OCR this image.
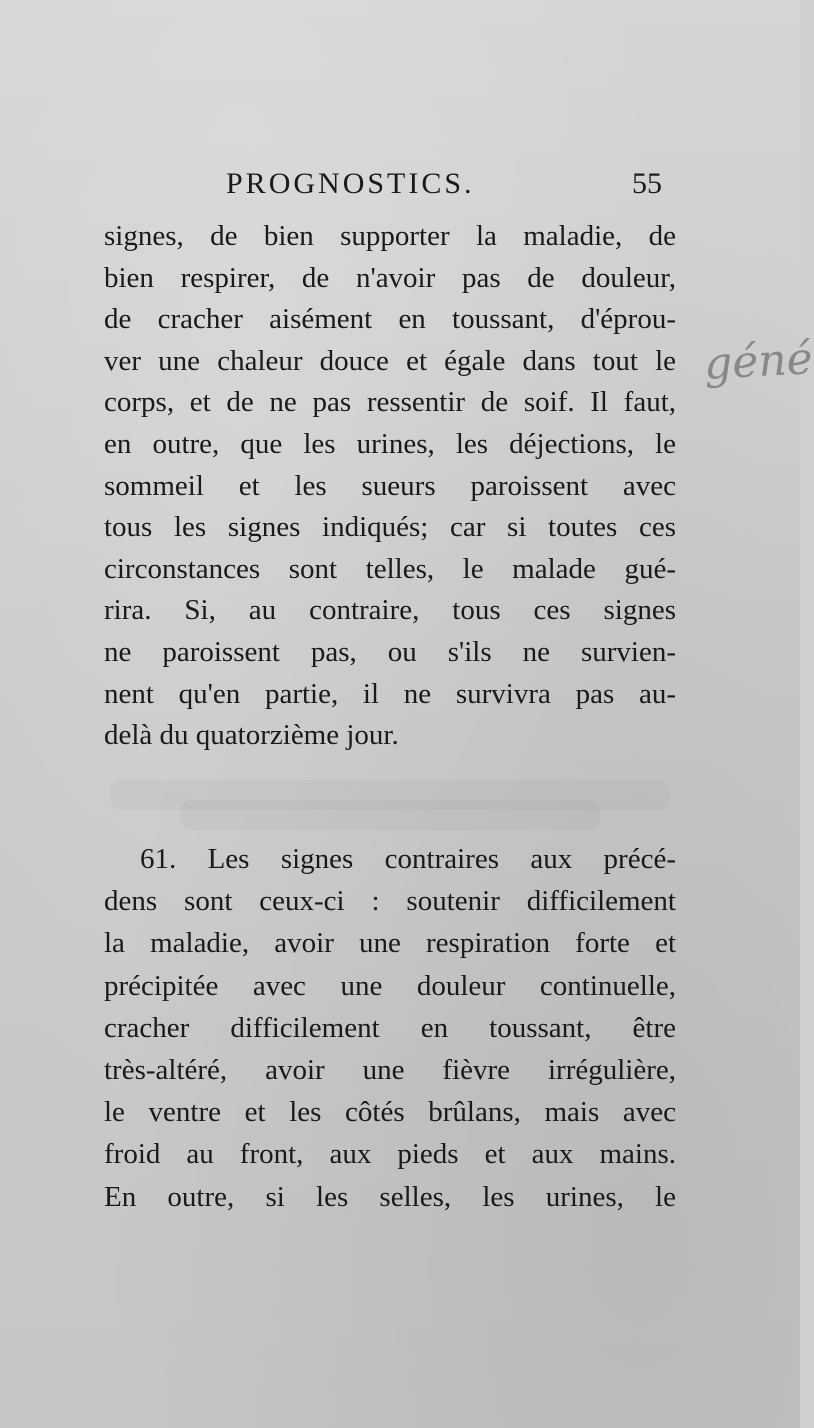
PROGNOSTICS.	55
signes, de bien supporter la maladie, de
bien respirer, de n'avoir pas de douleur,
de cracher aisément en toussant, d'éprou-
ver une chaleur douce et égale dans tout le
corps, et de ne pas ressentir de soif. Il faut,
en outre, que les urines, les déjections, le
sommeil et les sueurs paroissent avec
tous les signes indiqués; car si toutes ces
circonstances sont telles, le malade gué-
rira. Si, au contraire, tous ces signes
ne paroissent pas, ou s'ils ne survien-
nent qu'en partie, il ne survivra pas au-
delà du quatorzième jour.
61. Les signes contraires aux précé-
dens sont ceux-ci : soutenir difficilement
la maladie, avoir une respiration forte et
précipitée avec une douleur continuelle,
cracher difficilement en toussant, être
très-altéré, avoir une fièvre irrégulière,
le ventre et les côtés brûlans, mais avec
froid au front, aux pieds et aux mains.
En outre, si les selles, les urines, le
géné
